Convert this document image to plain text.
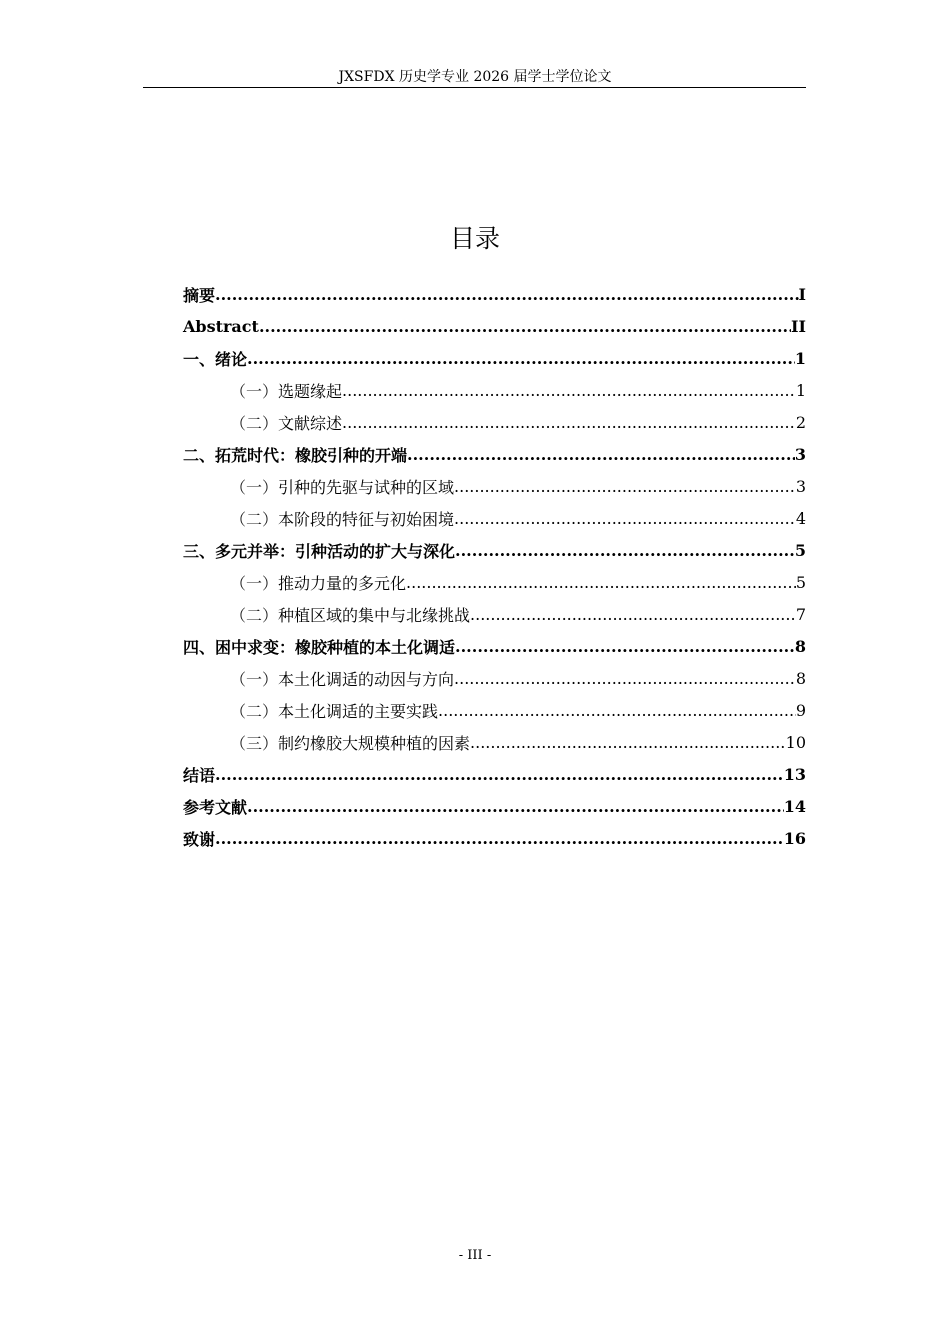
JXSFDX 历史学专业 2026 届学士学位论文
目录
摘要 .....	I
Abstract .....	II
一、 绪论 .....	1
（一） 选题缘起 .....	1
（二） 文献综述 .....	2
二、 拓荒时代：橡胶引种的开端 .....	3
（一） 引种的先驱与试种的区域 .....	3
（二） 本阶段的特征与初始困境 .....	4
三、 多元并举：引种活动的扩大与深化 .....	5
（一） 推动力量的多元化 .....	5
（二） 种植区域的集中与北缘挑战 .....	7
四、 困中求变：橡胶种植的本土化调适 .....	8
（一） 本土化调适的动因与方向 .....	8
（二） 本土化调适的主要实践 .....	9
（三） 制约橡胶大规模种植的因素 .....	10
结语 .....	13
参考文献 .....	14
致谢 .....	16
- III -
